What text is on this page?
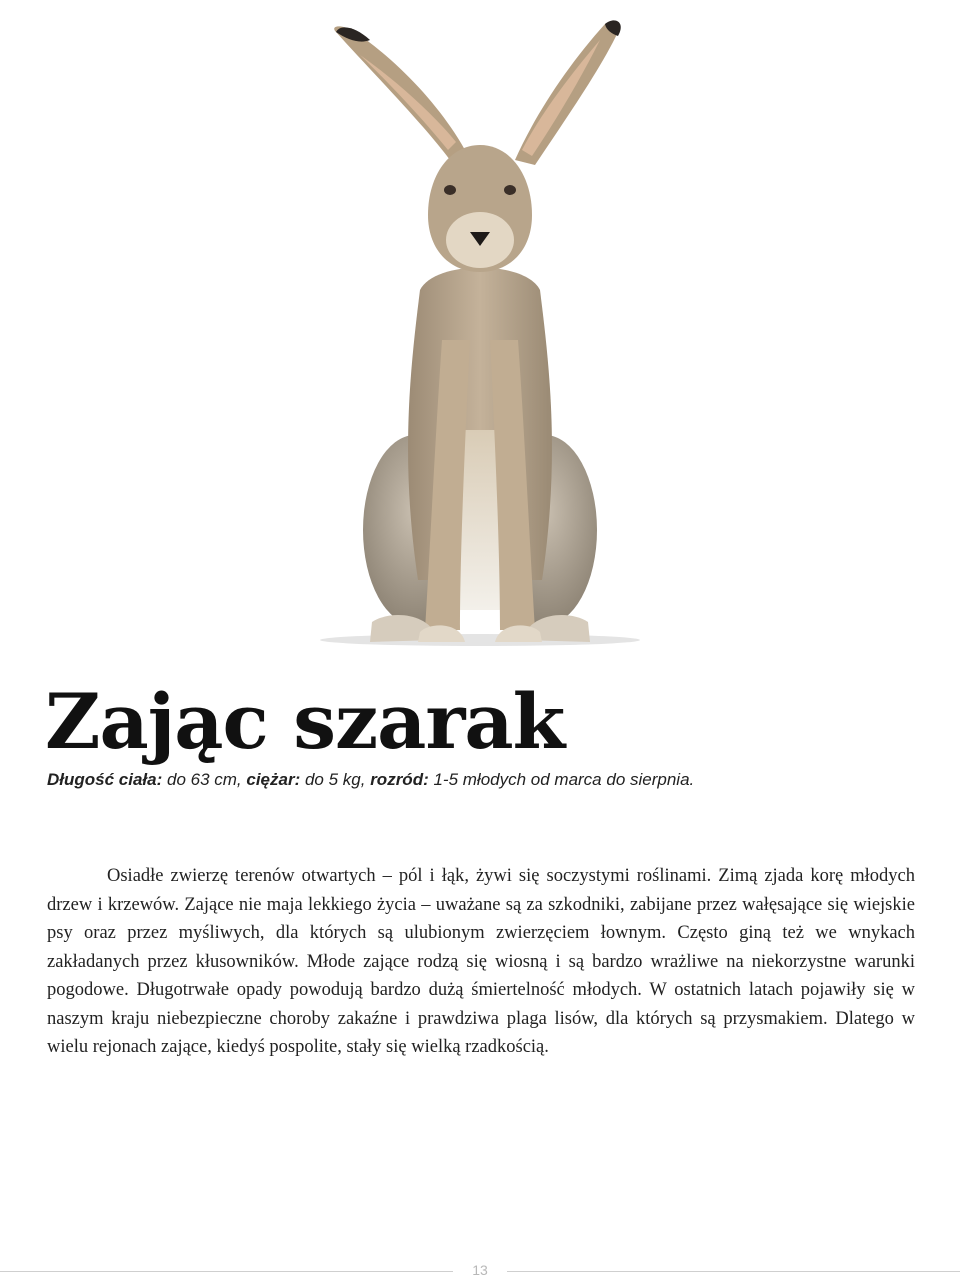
Zając szarak

Długość ciała: do 63 cm, ciężar: do 5 kg, rozród: 1-5 młodych od marca do sierpnia.

Osiadłe zwierzę terenów otwartych – pól i łąk, żywi się soczystymi roślinami. Zimą zjada korę młodych drzew i krzewów. Zające nie maja lekkiego życia – uważane są za szkodniki, zabijane przez wałęsające się wiejskie psy oraz przez myśliwych, dla których są ulubionym zwierzęciem łownym. Często giną też we wnykach zakładanych przez kłusowników. Młode zające rodzą się wiosną i są bardzo wrażliwe na niekorzystne warunki pogodowe. Długotrwałe opady powodują bardzo dużą śmiertelność młodych. W ostatnich latach pojawiły się w naszym kraju niebezpieczne choroby zakaźne i prawdziwa plaga lisów, dla których są przysmakiem. Dlatego w wielu rejonach zające, kiedyś pospolite, stały się wielką rzadkością.

13
